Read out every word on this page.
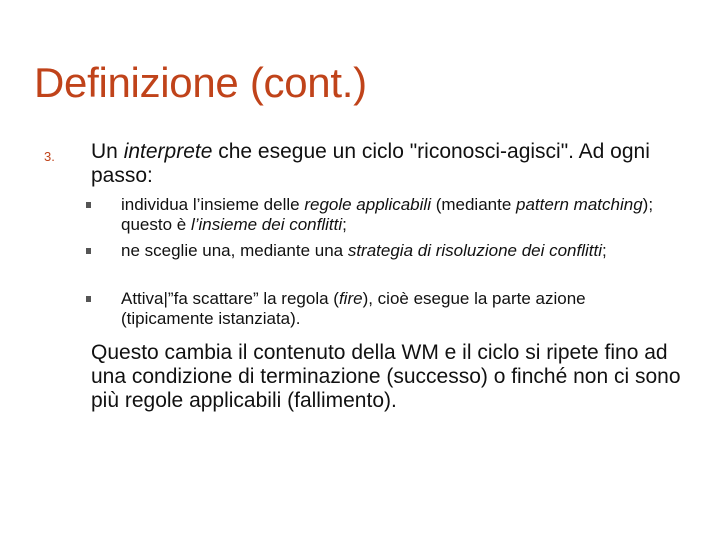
Definizione (cont.)
3. Un interprete che esegue un ciclo "riconosci-agisci". Ad ogni passo:

individua l’insieme delle regole applicabili (mediante pattern matching); questo è l’insieme dei conflitti;

ne sceglie una, mediante una strategia di risoluzione dei conflitti;

Attiva|”fa scattare” la regola (fire), cioè esegue la parte azione (tipicamente istanziata).

Questo cambia il contenuto della WM e il ciclo si ripete fino ad una condizione di terminazione (successo) o finché non ci sono più regole applicabili (fallimento).
